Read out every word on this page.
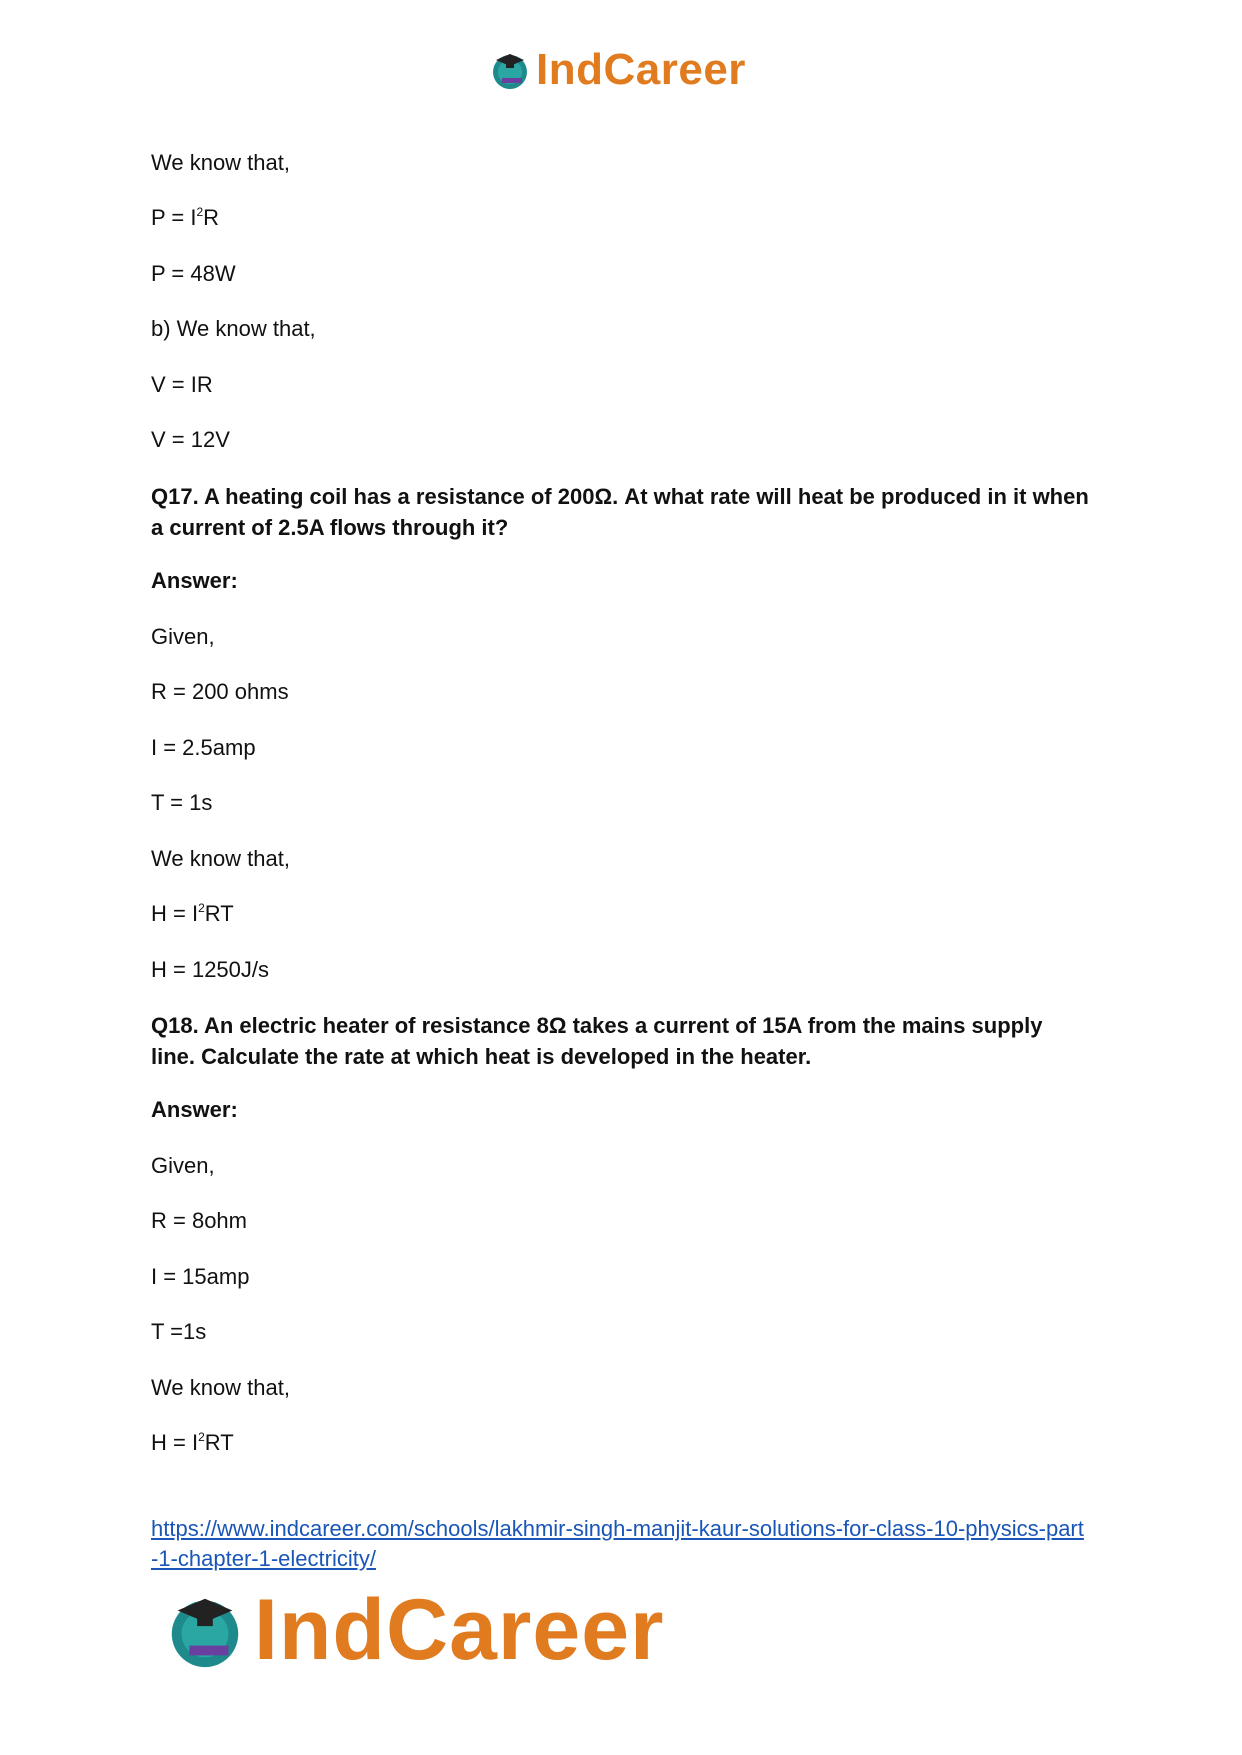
IndCareer
We know that,
$P = I^2R$
P = 48W
b) We know that,
V = IR
V = 12V
Q17. A heating coil has a resistance of 200Ω. At what rate will heat be produced in it when a current of 2.5A flows through it?
Answer:
Given,
R = 200 ohms
I = 2.5amp
T = 1s
We know that,
$H = I^2RT$
H = 1250J/s
Q18. An electric heater of resistance 8Ω takes a current of 15A from the mains supply line. Calculate the rate at which heat is developed in the heater.
Answer:
Given,
R = 8ohm
I = 15amp
T =1s
We know that,
$H = I^2RT$
https://www.indcareer.com/schools/lakhmir-singh-manjit-kaur-solutions-for-class-10-physics-part-1-chapter-1-electricity/
IndCareer
